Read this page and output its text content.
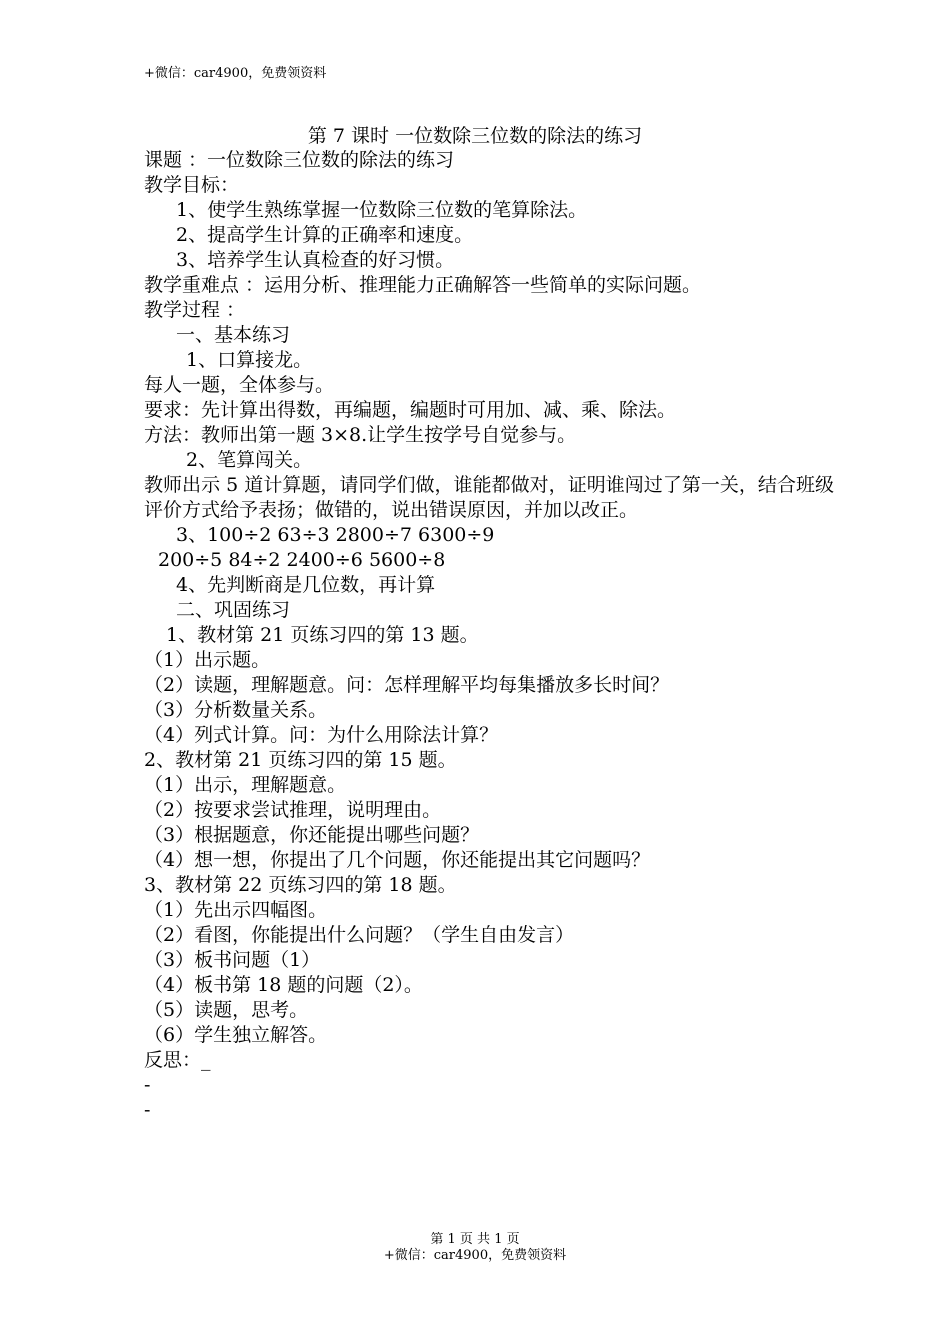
+微信：car4900，免费领资料
第 7 课时 一位数除三位数的除法的练习
课题 ：一位数除三位数的除法的练习
教学目标：
1、使学生熟练掌握一位数除三位数的笔算除法。
2、提高学生计算的正确率和速度。
3、培养学生认真检查的好习惯。
教学重难点 ：运用分析、推理能力正确解答一些简单的实际问题。
教学过程 ：
一、基本练习
1、口算接龙。
每人一题，全体参与。
要求：先计算出得数，再编题，编题时可用加、减、乘、除法。
方法：教师出第一题 3×8.让学生按学号自觉参与。
2、笔算闯关。
教师出示 5 道计算题，请同学们做，谁能都做对，证明谁闯过了第一关，结合班级评价方式给予表扬；做错的，说出错误原因，并加以改正。
3、100÷2 63÷3 2800÷7 6300÷9
200÷5 84÷2 2400÷6 5600÷8
4、先判断商是几位数，再计算
二、巩固练习
1、教材第 21 页练习四的第 13 题。
（1）出示题。
（2）读题，理解题意。问：怎样理解平均每集播放多长时间？
（3）分析数量关系。
（4）列式计算。问：为什么用除法计算？
2、教材第 21 页练习四的第 15 题。
（1）出示，理解题意。
（2）按要求尝试推理，说明理由。
（3）根据题意，你还能提出哪些问题？
（4）想一想，你提出了几个问题，你还能提出其它问题吗？
3、教材第 22 页练习四的第 18 题。
（1）先出示四幅图。
（2）看图，你能提出什么问题？（学生自由发言）
（3）板书问题（1）
（4）板书第 18 题的问题（2）。
（5）读题，思考。
（6）学生独立解答。
反思：_
-
-
第 1 页 共 1 页
+微信：car4900，免费领资料
